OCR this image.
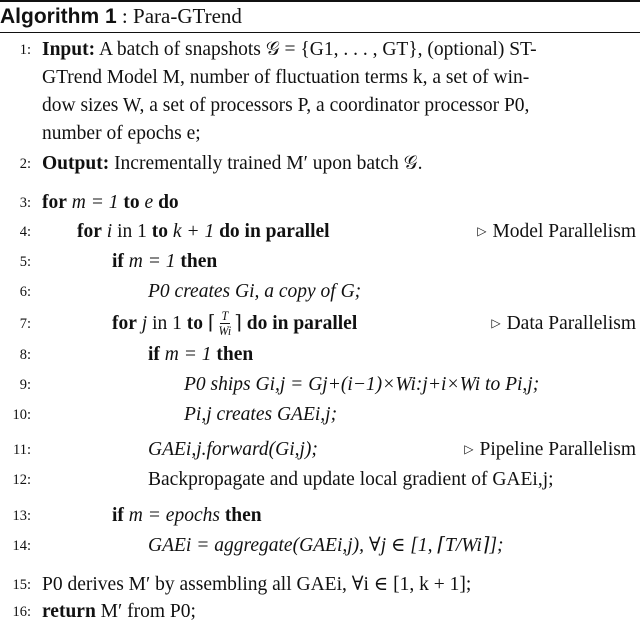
Algorithm 1 : Para-GTrend
1: Input: A batch of snapshots 𝒢 = {G1, . . . , GT}, (optional) ST-
GTrend Model M, number of fluctuation terms k, a set of win-
dow sizes W, a set of processors P, a coordinator processor P0,
number of epochs e;
2: Output: Incrementally trained M′ upon batch 𝒢.
3: for m = 1 to e do
4: for i in 1 to k + 1 do in parallel	▷ Model Parallelism
5:	if m = 1 then
6:	P0 creates Gi, a copy of G;
7:	for j in 1 to ⌈ $\frac{T}{Wi}$ ⌉ do in parallel	▷ Data Parallelism
8:	if m = 1 then
9:	P0 ships Gi,j = Gj+(i−1)×Wi:j+i×Wi to Pi,j;
10:	Pi,j creates GAEi,j;
11:	GAEi,j.forward(Gi,j);	▷ Pipeline Parallelism
12:	Backpropagate and update local gradient of GAEi,j;
13:	if m = epochs then
14:	GAEi = aggregate(GAEi,j), ∀j ∈ [1, ⌈T/Wi⌉];
15: P0 derives M′ by assembling all GAEi, ∀i ∈ [1, k + 1];
16: return M′ from P0;
